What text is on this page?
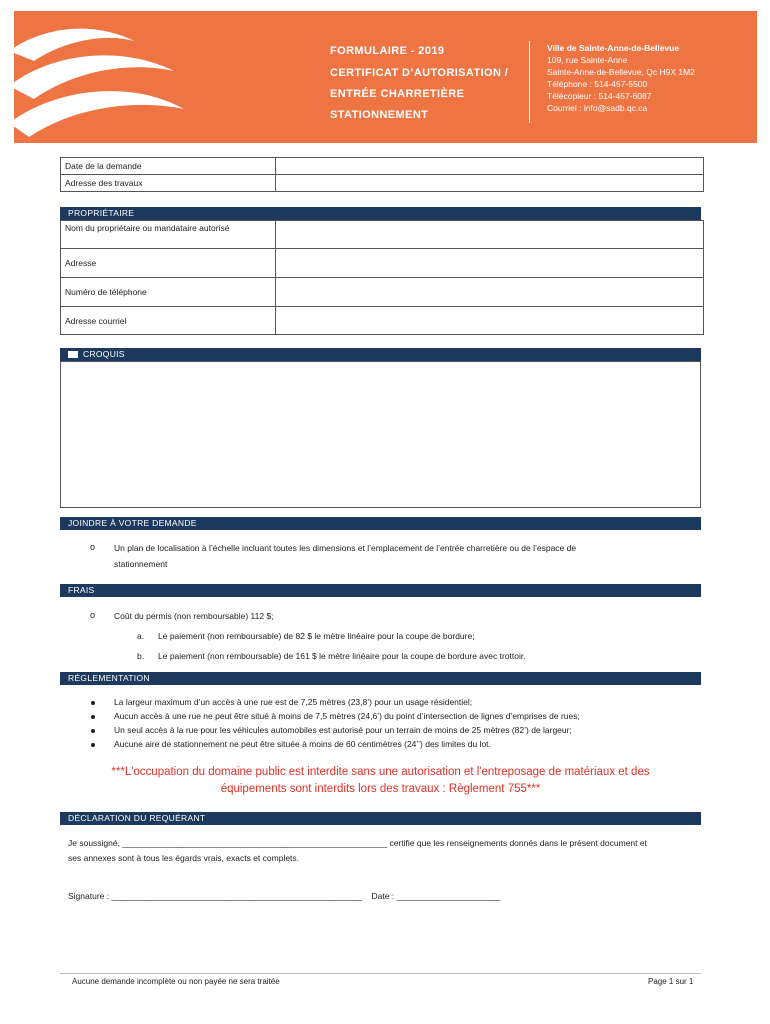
FORMULAIRE - 2019
CERTIFICAT D’AUTORISATION /
ENTRÉE CHARRETIÈRE
STATIONNEMENT
Ville de Sainte-Anne-de-Bellevue
109, rue Sainte-Anne
Sainte-Anne-de-Bellevue, Qc H9X 1M2
Téléphone : 514-457-5500
Télécopieur : 514-457-6087
Courriel : info@sadb.qc.ca
Date de la demande	
Adresse des travaux	
PROPRIÉTAIRE
Nom du propriétaire ou mandataire autorisé	
Adresse	
Numéro de téléphone	
Adresse courriel	
CROQUIS
JOINDRE À VOTRE DEMANDE
o Un plan de localisation à l’échelle incluant toutes les dimensions et l’emplacement de l’entrée charretière ou de l’espace de
stationnement
FRAIS
o Coût du permis (non remboursable) 112 $;
a. Le paiement (non remboursable) de 82 $ le mètre linéaire pour la coupe de bordure;
b. Le paiement (non remboursable) de 161 $ le mètre linéaire pour la coupe de bordure avec trottoir.
RÉGLEMENTATION
La largeur maximum d’un accès à une rue est de 7,25 mètres (23,8’) pour un usage résidentiel;
Aucun accès à une rue ne peut être situé à moins de 7,5 mètres (24,6’) du point d’intersection de lignes d’emprises de rues;
Un seul accès à la rue pour les véhicules automobiles est autorisé pour un terrain de moins de 25 mètres (82’) de largeur;
Aucune aire de stationnement ne peut être située à moins de 60 centimètres (24’’) des limites du lot.
***L'occupation du domaine public est interdite sans une autorisation et l'entreposage de matériaux et des
équipements sont interdits lors des travaux : Règlement 755***
DÉCLARATION DU REQUÉRANT
Je soussigné, ________________________________________________________ certifie que les renseignements donnés dans le présent document et
ses annexes sont à tous les égards vrais, exacts et complets.
Signature : _____________________________________________________ Date : ______________________
Aucune demande incomplète ou non payée ne sera traitée	Page 1 sur 1
